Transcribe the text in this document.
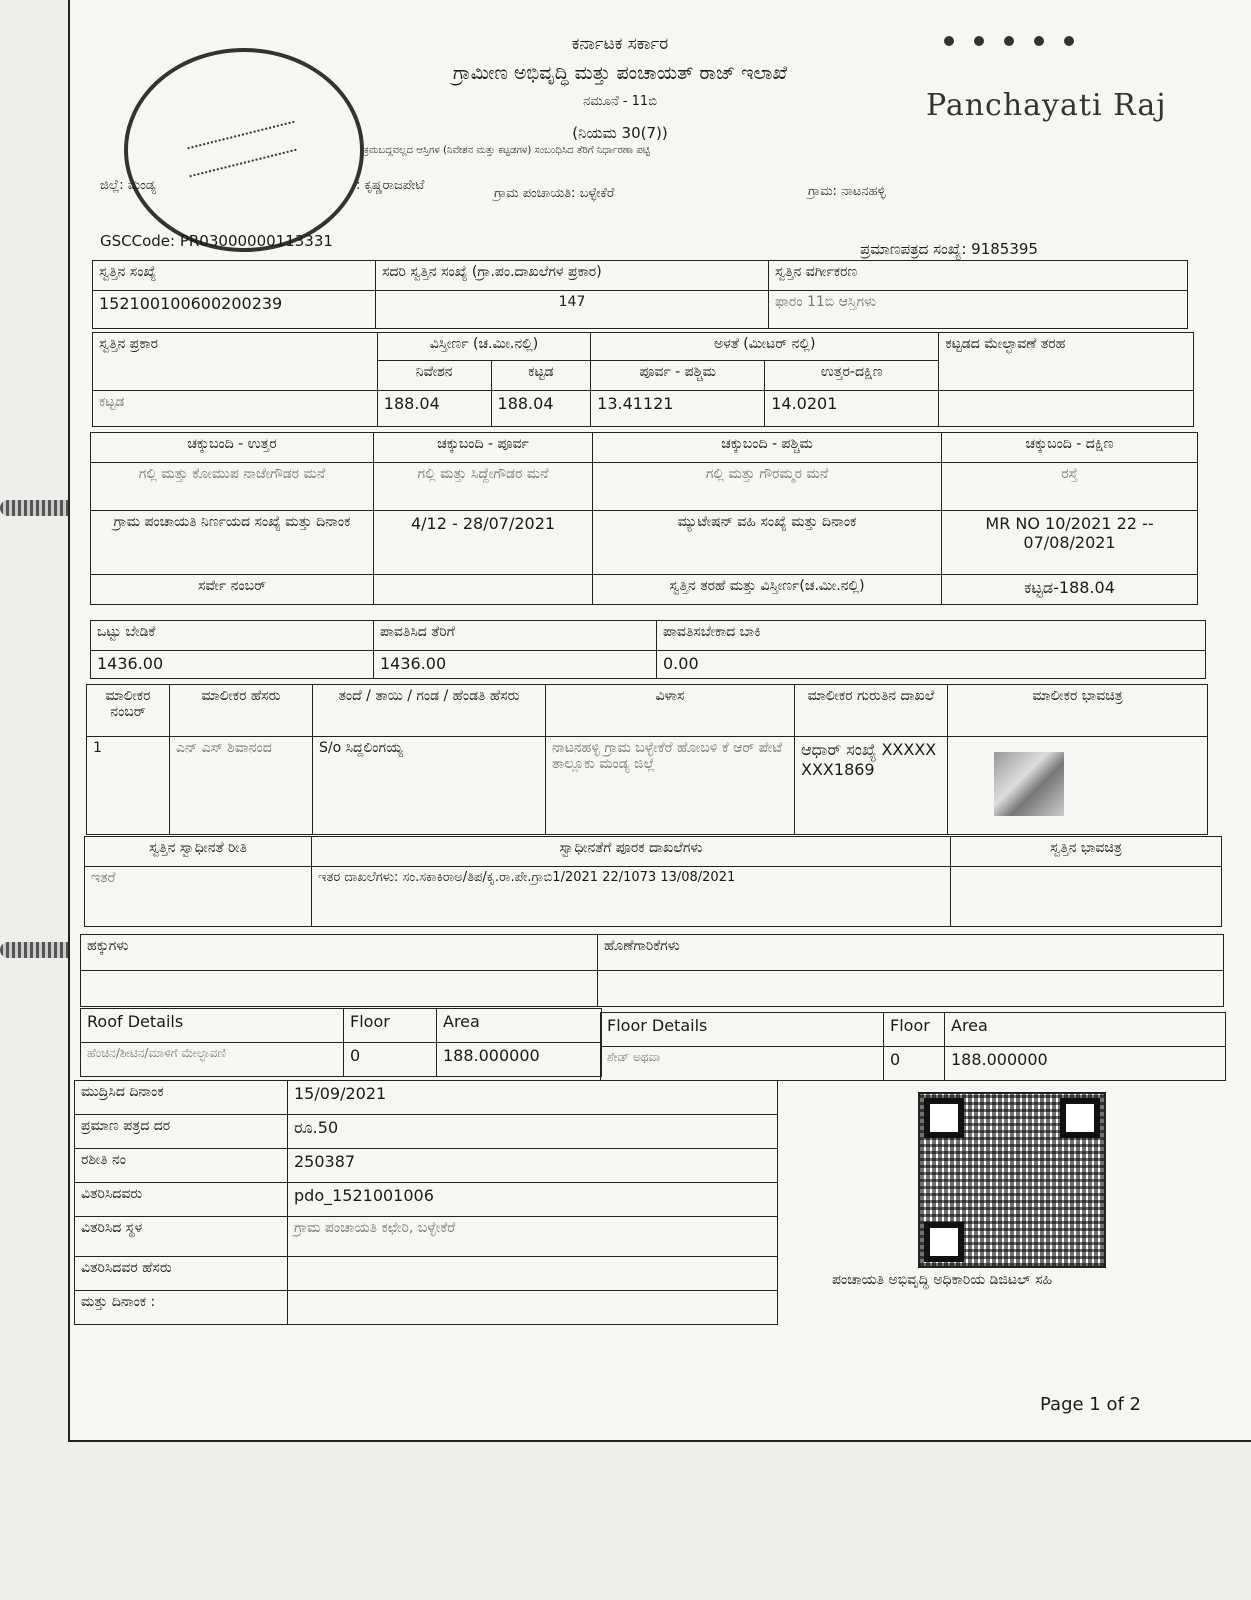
ಕರ್ನಾಟಕ ಸರ್ಕಾರ
ಗ್ರಾಮೀಣ ಅಭಿವೃದ್ಧಿ ಮತ್ತು ಪಂಚಾಯತ್ ರಾಜ್ ಇಲಾಖೆ
ನಮೂನೆ - 11ಬಿ
(ನಿಯಮ 30(7))
ಕ್ರಮಬದ್ಧವಲ್ಲದ ಆಸ್ತಿಗಳ (ನಿವೇಶನ ಮತ್ತು ಕಟ್ಟಡಗಳ) ಸಂಬಂಧಿಸಿದ ತೆರಿಗೆ ನಿರ್ಧಾರಣಾ ಪಟ್ಟಿ
Panchayati Raj
ಜಿಲ್ಲೆ: ಮಂಡ್ಯ	: ಕೃಷ್ಣರಾಜಪೇಟೆ
ಗ್ರಾಮ ಪಂಚಾಯತಿ: ಬಳ್ಳೇಕೆರೆ	ಗ್ರಾಮ: ನಾಟನಹಳ್ಳಿ
GSCCode: PR03000000113331	ಪ್ರಮಾಣಪತ್ರದ ಸಂಖ್ಯೆ: 9185395
ಸ್ವತ್ತಿನ ಸಂಖ್ಯೆ	ಸದರಿ ಸ್ವತ್ತಿನ ಸಂಖ್ಯೆ (ಗ್ರಾ.ಪಂ.ದಾಖಲೆಗಳ ಪ್ರಕಾರ)	ಸ್ವತ್ತಿನ ವರ್ಗೀಕರಣ
152100100600200239	147	ಫಾರಂ 11ಬಿ ಆಸ್ತಿಗಳು
ಸ್ವತ್ತಿನ ಪ್ರಕಾರ	ವಿಸ್ತೀರ್ಣ (ಚ.ಮೀ.ನಲ್ಲಿ)		ಅಳತೆ (ಮೀಟರ್ ನಲ್ಲಿ)		ಕಟ್ಟಡದ ಮೇಲ್ಛಾವಣೆ ತರಹ
	ನಿವೇಶನ	ಕಟ್ಟಡ	ಪೂರ್ವ - ಪಶ್ಚಿಮ	ಉತ್ತರ-ದಕ್ಷಿಣ	
ಕಟ್ಟಡ	188.04	188.04	13.41121	14.0201	
ಚಕ್ಕುಬಂದಿ - ಉತ್ತರ	ಚಕ್ಕುಬಂದಿ - ಪೂರ್ವ	ಚಕ್ಕುಬಂದಿ - ಪಶ್ಚಿಮ	ಚಕ್ಕುಬಂದಿ - ದಕ್ಷಿಣ
ಗಲ್ಲಿ ಮತ್ತು ಕೋಮುಪ ನಾಜೇಗೌಡರ ಮನೆ	ಗಲ್ಲಿ ಮತ್ತು ಸಿದ್ದೇಗೌಡರ ಮನೆ	ಗಲ್ಲಿ ಮತ್ತು ಗೌರಮ್ಮರ ಮನೆ	ರಸ್ತೆ
ಗ್ರಾಮ ಪಂಚಾಯತಿ ನಿರ್ಣಯದ ಸಂಖ್ಯೆ ಮತ್ತು ದಿನಾಂಕ	4/12 - 28/07/2021	ಮ್ಯುಟೇಷನ್ ವಹಿ ಸಂಖ್ಯೆ ಮತ್ತು ದಿನಾಂಕ	MR NO 10/2021 22 -- 07/08/2021
ಸರ್ವೇ ನಂಬರ್		ಸ್ವತ್ತಿನ ತರಹೆ ಮತ್ತು ವಿಸ್ತೀರ್ಣ(ಚ.ಮೀ.ನಲ್ಲಿ)	ಕಟ್ಟಡ-188.04
ಒಟ್ಟು ಬೇಡಿಕೆ	ಪಾವತಿಸಿದ ತೆರಿಗೆ	ಪಾವತಿಸಬೇಕಾದ ಬಾಕಿ
1436.00	1436.00	0.00
ಮಾಲೀಕರ ನಂಬರ್	ಮಾಲೀಕರ ಹೆಸರು	ತಂದೆ / ತಾಯಿ / ಗಂಡ / ಹೆಂಡತಿ ಹೆಸರು	ವಿಳಾಸ	ಮಾಲೀಕರ ಗುರುತಿನ ದಾಖಲೆ	ಮಾಲೀಕರ ಭಾವಚಿತ್ರ
1	ಎನ್ ಎಸ್ ಶಿವಾನಂದ	S/o ಸಿದ್ದಲಿಂಗಯ್ಯ	ನಾಟನಹಳ್ಳಿ ಗ್ರಾಮ ಬಳ್ಳೇಕೆರೆ ಹೋಬಳಿ ಕೆ ಆರ್ ಪೇಟೆ ತಾಲ್ಲೂಕು ಮಂಡ್ಯ ಜಿಲ್ಲೆ	ಆಧಾರ್ ಸಂಖ್ಯೆ XXXXXXXX1869	
ಸ್ವತ್ತಿನ ಸ್ವಾಧೀನತೆ ರೀತಿ	ಸ್ವಾಧೀನತೆಗೆ ಪೂರಕ ದಾಖಲೆಗಳು	ಸ್ವತ್ತಿನ ಭಾವಚಿತ್ರ
ಇತರೆ	ಇತರ ದಾಖಲೆಗಳು: ಸಂ.ಸಕಾಕಿರಾಅ/ತಿಪ/ಕೃ.ರಾ.ಪೇ.ಗ್ರಾಬಿ1/2021 22/1073 13/08/2021	
ಹಕ್ಕುಗಳು	ಹೊಣೆಗಾರಿಕೆಗಳು

Roof Details	Floor	Area
ಹೆಂಚಿನ/ಶೀಟಿನ/ಮಾಳಿಗೆ ಮೇಲ್ಛಾವಣಿ	0	188.000000
Floor Details	Floor	Area
ಶೇಡ್ ಅಥವಾ	0	188.000000
ಮುದ್ರಿಸಿದ ದಿನಾಂಕ	15/09/2021
ಪ್ರಮಾಣ ಪತ್ರದ ದರ	ರೂ.50
ರಶೀತಿ ನಂ	250387
ವಿತರಿಸಿದವರು	pdo_1521001006
ವಿತರಿಸಿದ ಸ್ಥಳ	ಗ್ರಾಮ ಪಂಚಾಯತಿ ಕಛೇರಿ, ಬಳ್ಳೇಕೆರೆ
ವಿತರಿಸಿದವರ ಹೆಸರು	
ಮತ್ತು ದಿನಾಂಕ :	
ಪಂಚಾಯತಿ ಅಭಿವೃದ್ಧಿ ಅಧಿಕಾರಿಯ ಡಿಜಿಟಲ್ ಸಹಿ
Page 1 of 2
